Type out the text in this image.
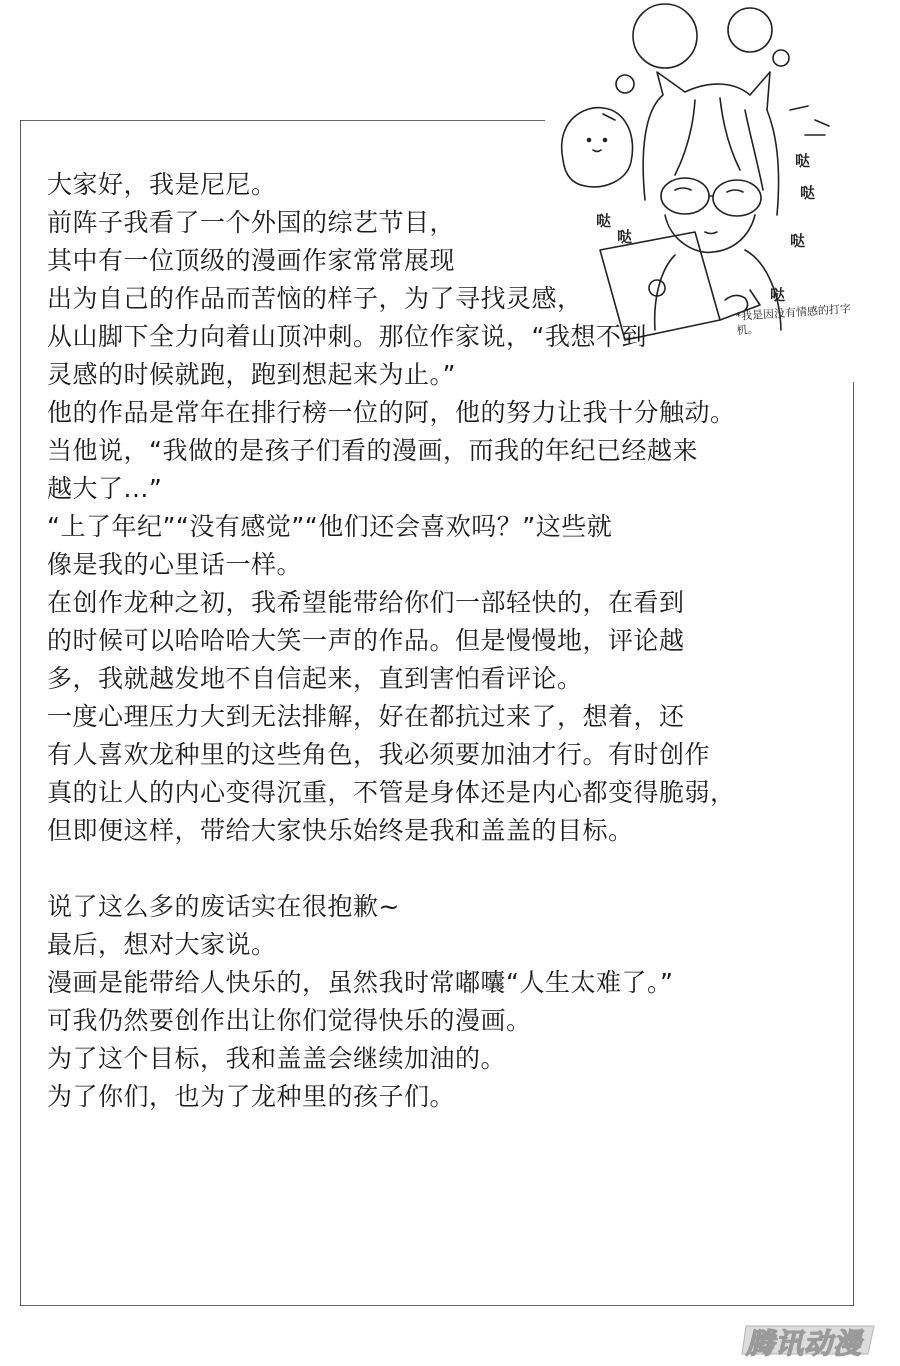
哒
哒
哒
哒	哒
哒
*我是因没有情感的打字机。
大家好，我是尼尼。
前阵子我看了一个外国的综艺节目，
其中有一位顶级的漫画作家常常展现
出为自己的作品而苦恼的样子，为了寻找灵感，
从山脚下全力向着山顶冲刺。那位作家说，“我想不到
灵感的时候就跑，跑到想起来为止。”
他的作品是常年在排行榜一位的阿，他的努力让我十分触动。
当他说，“我做的是孩子们看的漫画，而我的年纪已经越来
越大了...”
“上了年纪”“没有感觉”“他们还会喜欢吗？”这些就
像是我的心里话一样。
在创作龙种之初，我希望能带给你们一部轻快的，在看到
的时候可以哈哈哈大笑一声的作品。但是慢慢地，评论越
多，我就越发地不自信起来，直到害怕看评论。
一度心理压力大到无法排解，好在都抗过来了，想着，还
有人喜欢龙种里的这些角色，我必须要加油才行。有时创作
真的让人的内心变得沉重，不管是身体还是内心都变得脆弱，
但即便这样，带给大家快乐始终是我和盖盖的目标。
说了这么多的废话实在很抱歉~
最后，想对大家说。
漫画是能带给人快乐的，虽然我时常嘟囔“人生太难了。”
可我仍然要创作出让你们觉得快乐的漫画。
为了这个目标，我和盖盖会继续加油的。
为了你们，也为了龙种里的孩子们。
腾讯动漫
